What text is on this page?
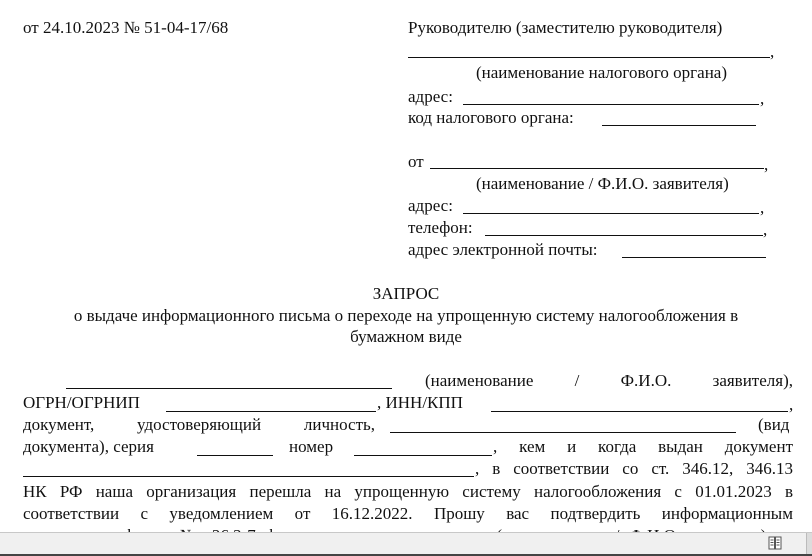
от 24.10.2023 № 51-04-17/68	Руководителю (заместителю руководителя)
,
(наименование налогового органа)
адрес:	,
код налогового органа:
от	,
(наименование / Ф.И.О. заявителя)
адрес:	,
телефон:	,
адрес электронной почты:
ЗАПРОС
о выдаче информационного письма о переходе на упрощенную систему налогообложения в
бумажном виде
(наименование / Ф.И.О. заявителя),
ОГРН/ОГРНИП	, ИНН/КПП	,
документ, удостоверяющий личность,	(вид
документа), серия	номер	, кем и когда выдан документ
, в соответствии со ст. 346.12, 346.13
НК РФ наша организация перешла на упрощенную систему налогообложения с 01.01.2023 в
соответствии с уведомлением от 16.12.2022. Прошу вас подтвердить информационным
